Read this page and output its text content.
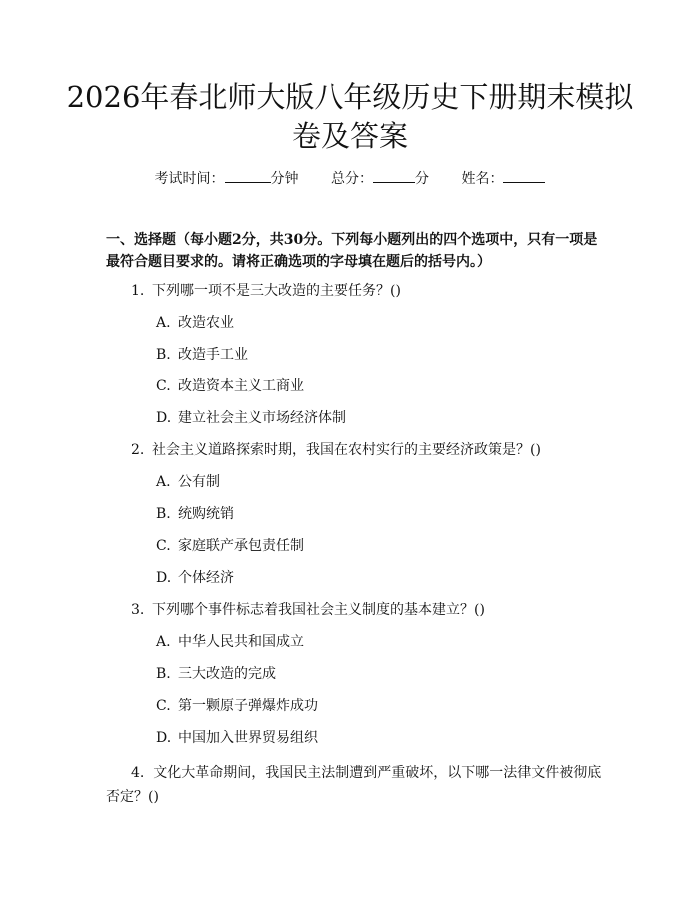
2026年春北师大版八年级历史下册期末模拟卷及答案
考试时间：	分钟 总分：	分 姓名：
一、选择题（每小题2分，共30分。下列每小题列出的四个选项中，只有一项是最符合题目要求的。请将正确选项的字母填在题后的括号内。）
1. 下列哪一项不是三大改造的主要任务？()
A. 改造农业
B. 改造手工业
C. 改造资本主义工商业
D. 建立社会主义市场经济体制
2. 社会主义道路探索时期，我国在农村实行的主要经济政策是？()
A. 公有制
B. 统购统销
C. 家庭联产承包责任制
D. 个体经济
3. 下列哪个事件标志着我国社会主义制度的基本建立？()
A. 中华人民共和国成立
B. 三大改造的完成
C. 第一颗原子弹爆炸成功
D. 中国加入世界贸易组织
4. 文化大革命期间，我国民主法制遭到严重破坏，以下哪一法律文件被彻底否定？()
